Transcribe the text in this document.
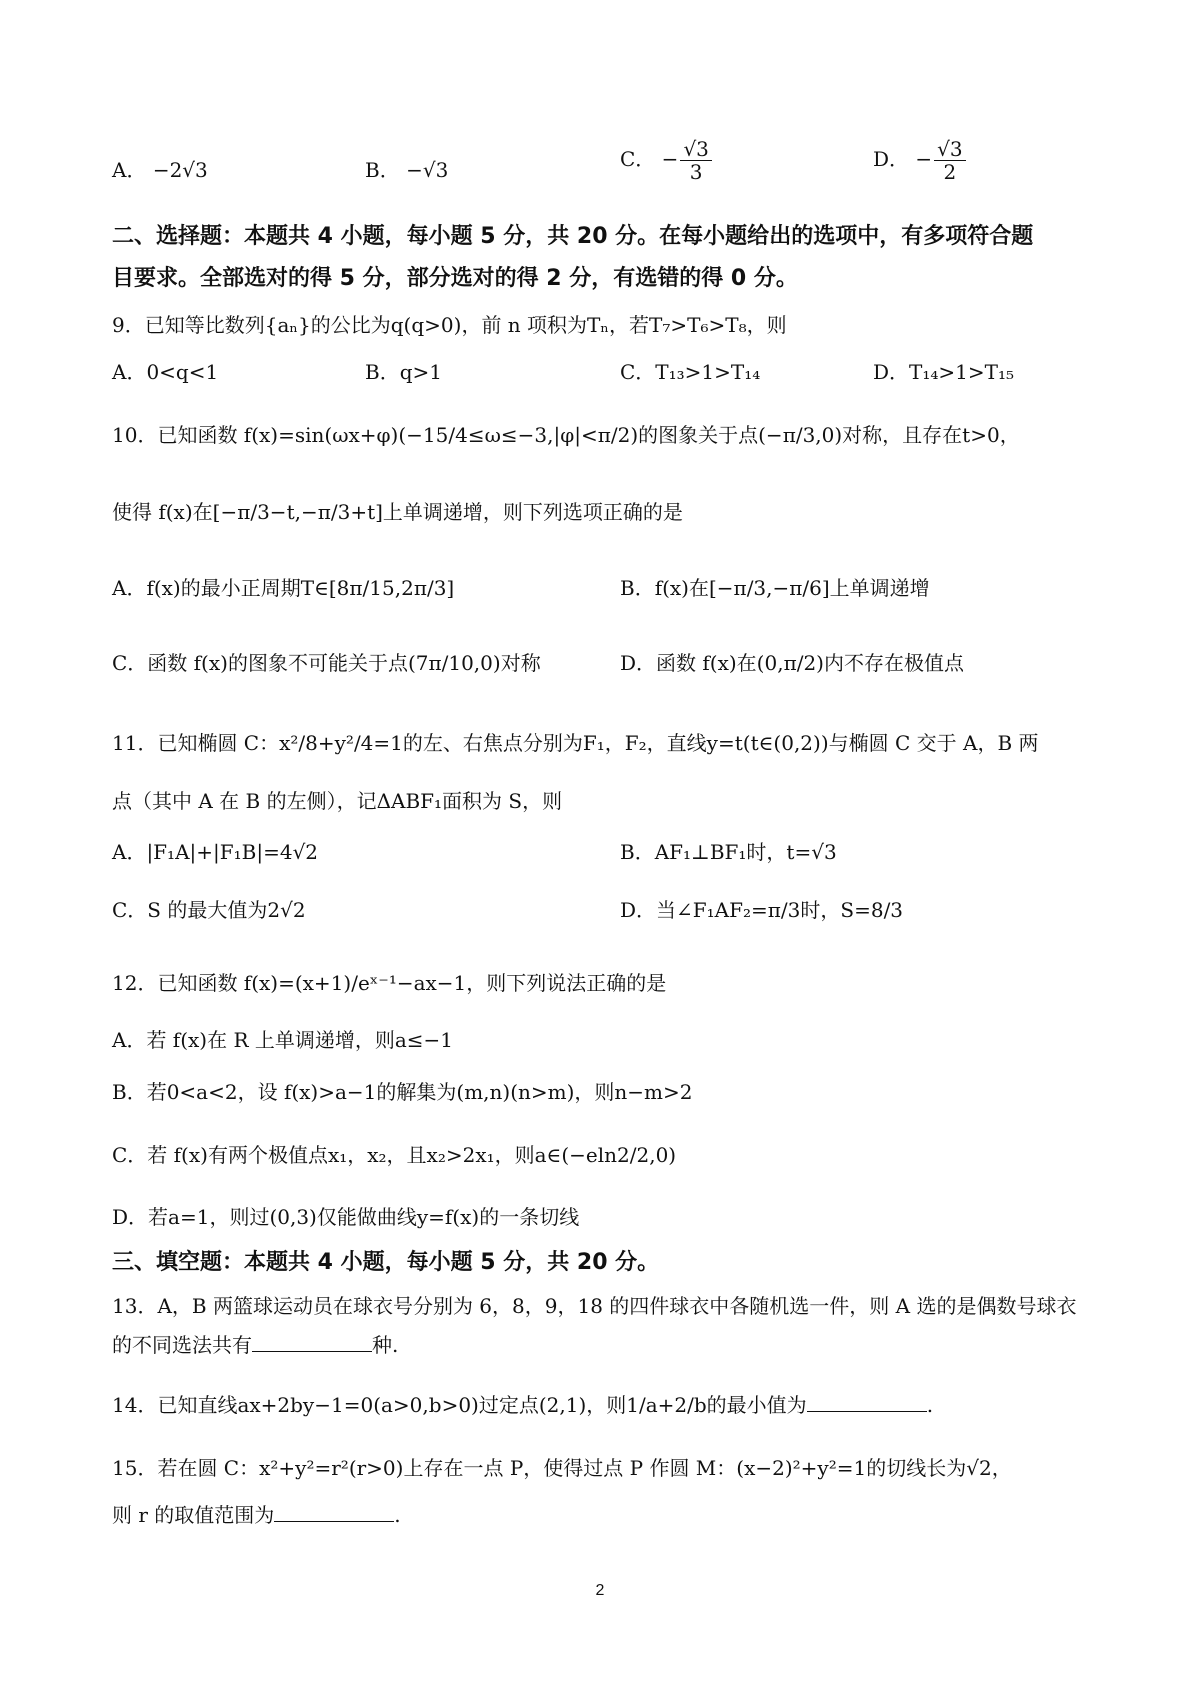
A． −2√3	B． −√3	C． − $\frac{√3}{3}$	D． − $\frac{√3}{2}$
二、选择题：本题共 4 小题，每小题 5 分，共 20 分。在每小题给出的选项中，有多项符合题
目要求。全部选对的得 5 分，部分选对的得 2 分，有选错的得 0 分。
9．已知等比数列{aₙ}的公比为q(q>0)，前 n 项积为Tₙ，若T₇>T₆>T₈，则
A．0<q<1	B．q>1	C．T₁₃>1>T₁₄	D．T₁₄>1>T₁₅
10．已知函数 f(x)=sin(ωx+φ)(−15/4≤ω≤−3,|φ|<π/2)的图象关于点(−π/3,0)对称，且存在t>0，
使得 f(x)在[−π/3−t,−π/3+t]上单调递增，则下列选项正确的是
A．f(x)的最小正周期T∈[8π/15,2π/3]	B．f(x)在[−π/3,−π/6]上单调递增
C．函数 f(x)的图象不可能关于点(7π/10,0)对称	D．函数 f(x)在(0,π/2)内不存在极值点
11．已知椭圆 C：x²/8+y²/4=1的左、右焦点分别为F₁，F₂，直线y=t(t∈(0,2))与椭圆 C 交于 A，B 两
点（其中 A 在 B 的左侧），记ΔABF₁面积为 S，则
A．|F₁A|+|F₁B|=4√2	B．AF₁⊥BF₁时，t=√3
C．S 的最大值为2√2	D．当∠F₁AF₂=π/3时，S=8/3
12．已知函数 f(x)=(x+1)/eˣ⁻¹−ax−1，则下列说法正确的是
A．若 f(x)在 R 上单调递增，则a≤−1
B．若0<a<2，设 f(x)>a−1的解集为(m,n)(n>m)，则n−m>2
C．若 f(x)有两个极值点x₁，x₂，且x₂>2x₁，则a∈(−eln2/2,0)
D．若a=1，则过(0,3)仅能做曲线y=f(x)的一条切线
三、填空题：本题共 4 小题，每小题 5 分，共 20 分。
13．A，B 两篮球运动员在球衣号分别为 6，8，9，18 的四件球衣中各随机选一件，则 A 选的是偶数号球衣
的不同选法共有	种.
14．已知直线ax+2by−1=0(a>0,b>0)过定点(2,1)，则1/a+2/b的最小值为	.
15．若在圆 C：x²+y²=r²(r>0)上存在一点 P，使得过点 P 作圆 M：(x−2)²+y²=1的切线长为√2，
则 r 的取值范围为	.
2
